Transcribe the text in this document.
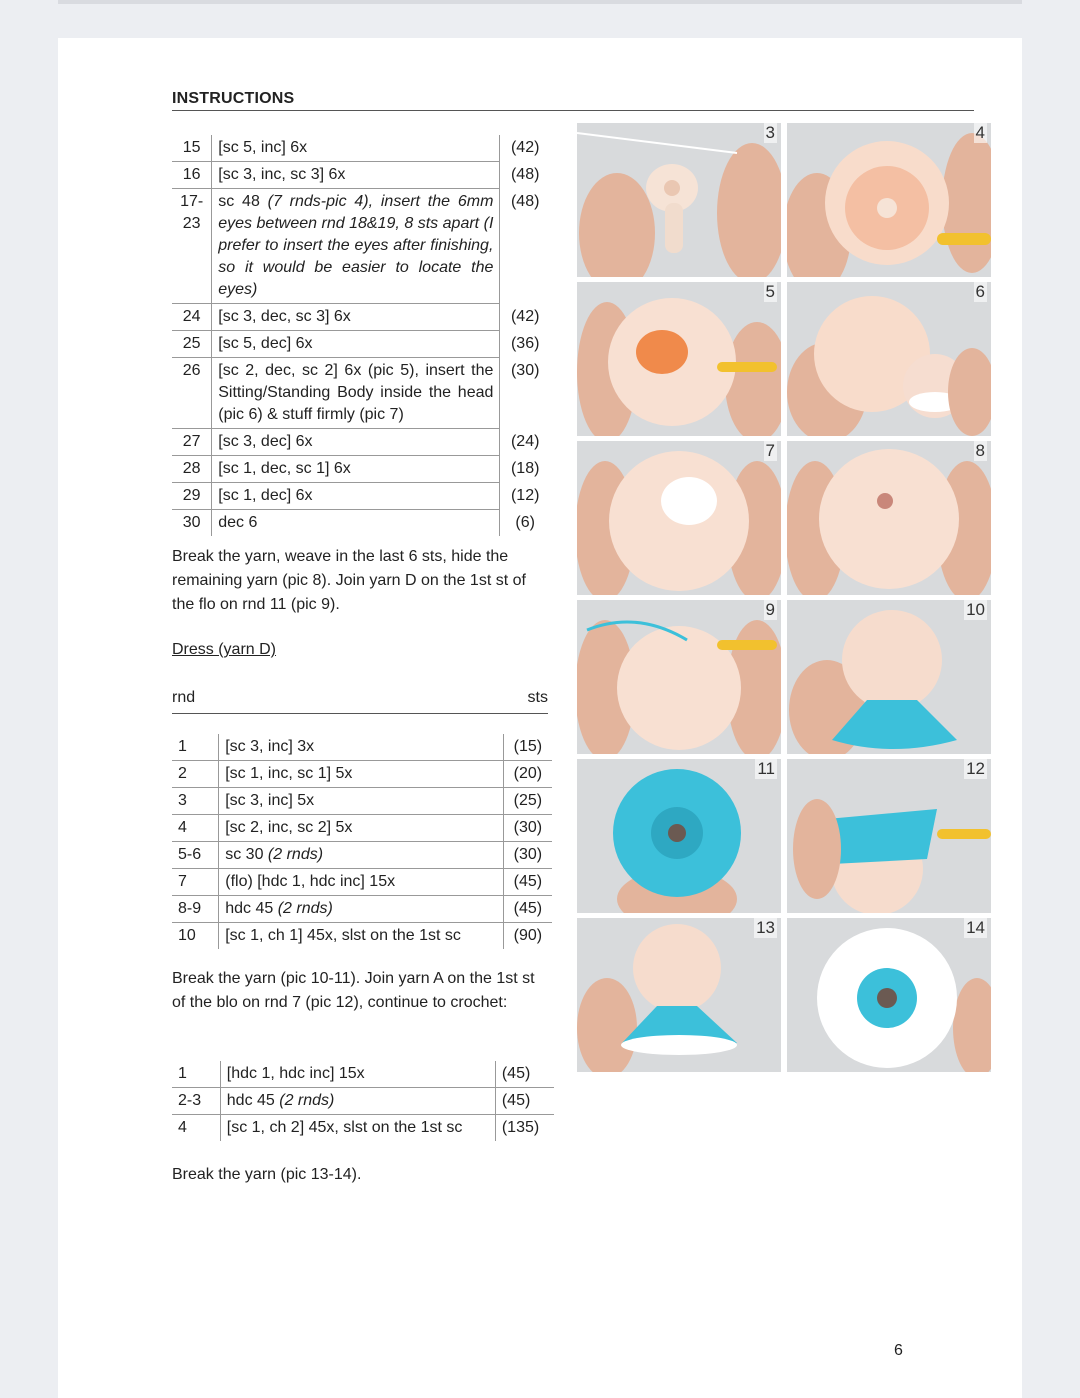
INSTRUCTIONS
15	[sc 5, inc] 6x	(42)
16	[sc 3, inc, sc 3] 6x	(48)
17-23	sc 48 (7 rnds-pic 4), insert the 6mm eyes between rnd 18&19, 8 sts apart (I prefer to insert the eyes after finishing, so it would be easier to locate the eyes)	(48)
24	[sc 3, dec, sc 3] 6x	(42)
25	[sc 5, dec] 6x	(36)
26	[sc 2, dec, sc 2] 6x (pic 5), insert the Sitting/Standing Body inside the head (pic 6) & stuff firmly (pic 7)	(30)
27	[sc 3, dec] 6x	(24)
28	[sc 1, dec, sc 1] 6x	(18)
29	[sc 1, dec] 6x	(12)
30	dec 6	(6)
Break the yarn, weave in the last 6 sts, hide the remaining yarn (pic 8). Join yarn D on the 1st st of the flo on rnd 11 (pic 9).
Dress (yarn D)
rnd	sts
1	[sc 3, inc] 3x	(15)
2	[sc 1, inc, sc 1] 5x	(20)
3	[sc 3, inc] 5x	(25)
4	[sc 2, inc, sc 2] 5x	(30)
5-6	sc 30 (2 rnds)	(30)
7	(flo) [hdc 1, hdc inc] 15x	(45)
8-9	hdc 45 (2 rnds)	(45)
10	[sc 1, ch 1] 45x, slst on the 1st sc	(90)
Break the yarn (pic 10-11). Join yarn A on the 1st st of the blo on rnd 7 (pic 12), continue to crochet:
1	[hdc 1, hdc inc] 15x	(45)
2-3	hdc 45 (2 rnds)	(45)
4	[sc 1, ch 2] 45x, slst on the 1st sc	(135)
Break the yarn (pic 13-14).
3	4
5	6
7	8
9	10
11	12
13	14
6
